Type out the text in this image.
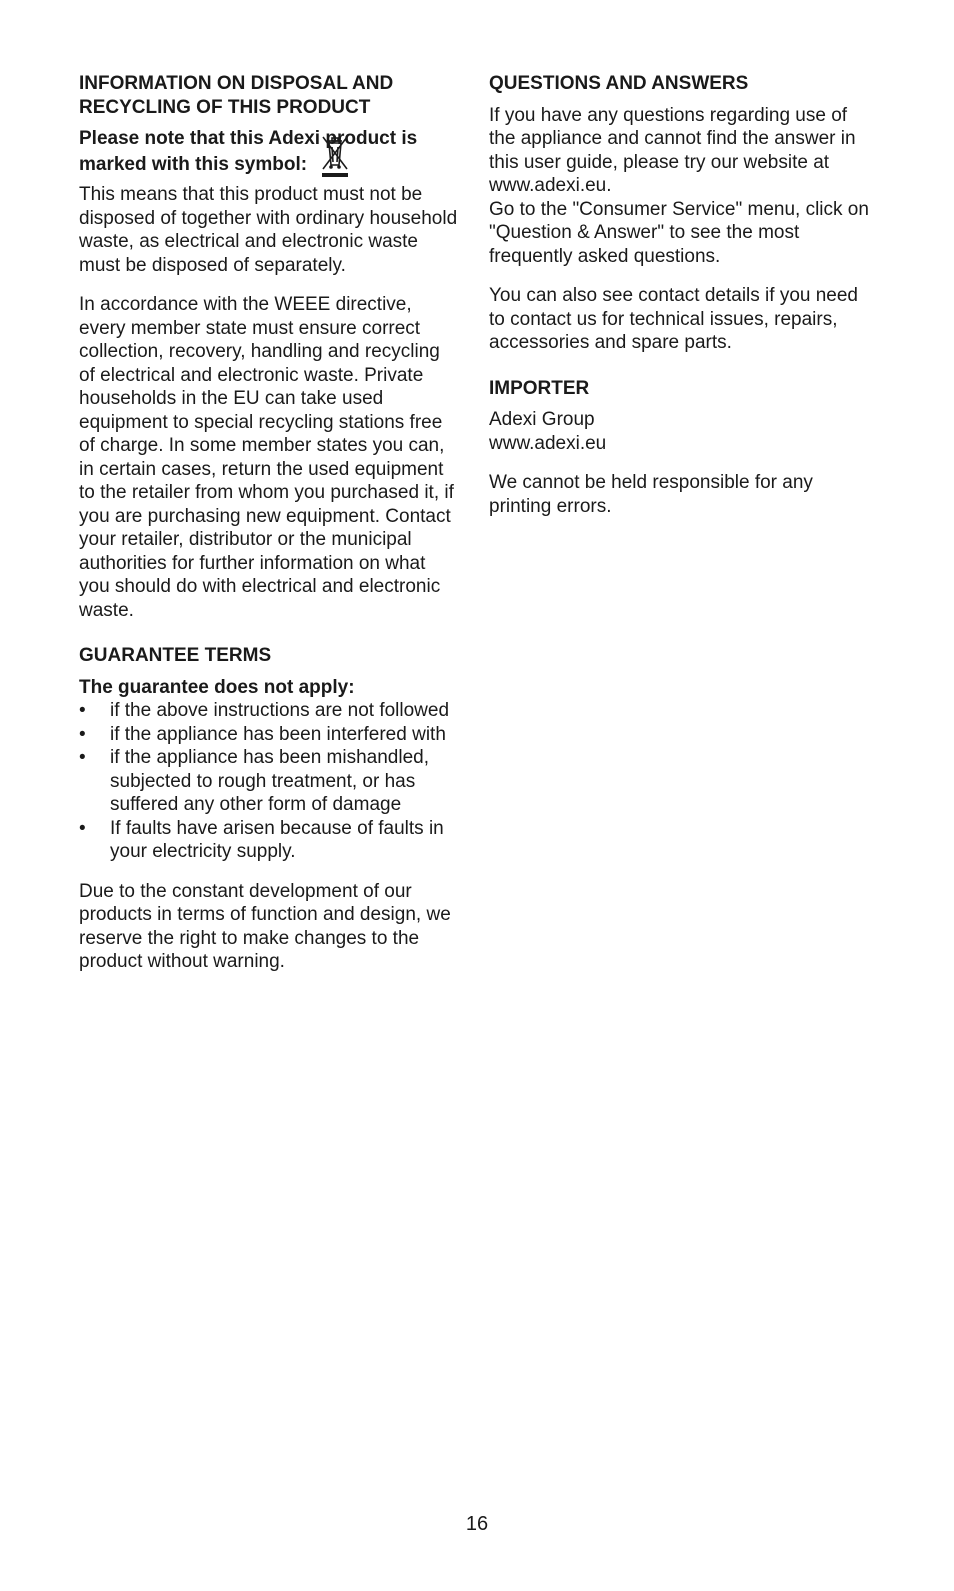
INFORMATION ON DISPOSAL AND RECYCLING OF THIS PRODUCT
Please note that this Adexi product is
marked with this symbol:

This means that this product must not be disposed of together with ordinary household waste, as electrical and electronic waste must be disposed of separately.

In accordance with the WEEE directive, every member state must ensure correct collection, recovery, handling and recycling of electrical and electronic waste. Private households in the EU can take used equipment to special recycling stations free of charge. In some member states you can, in certain cases, return the used equipment to the retailer from whom you purchased it, if you are purchasing new equipment. Contact your retailer, distributor or the municipal authorities for further information on what you should do with electrical and electronic waste.

GUARANTEE TERMS

The guarantee does not apply:

• if the above instructions are not followed
• if the appliance has been interfered with
• if the appliance has been mishandled, subjected to rough treatment, or has suffered any other form of damage
• If faults have arisen because of faults in your electricity supply.

Due to the constant development of our products in terms of function and design, we reserve the right to make changes to the product without warning.

QUESTIONS AND ANSWERS

If you have any questions regarding use of the appliance and cannot find the answer in this user guide, please try our website at www.adexi.eu.

Go to the "Consumer Service" menu, click on "Question & Answer" to see the most frequently asked questions.

You can also see contact details if you need to contact us for technical issues, repairs, accessories and spare parts.

IMPORTER

Adexi Group

www.adexi.eu

We cannot be held responsible for any printing errors.

16
